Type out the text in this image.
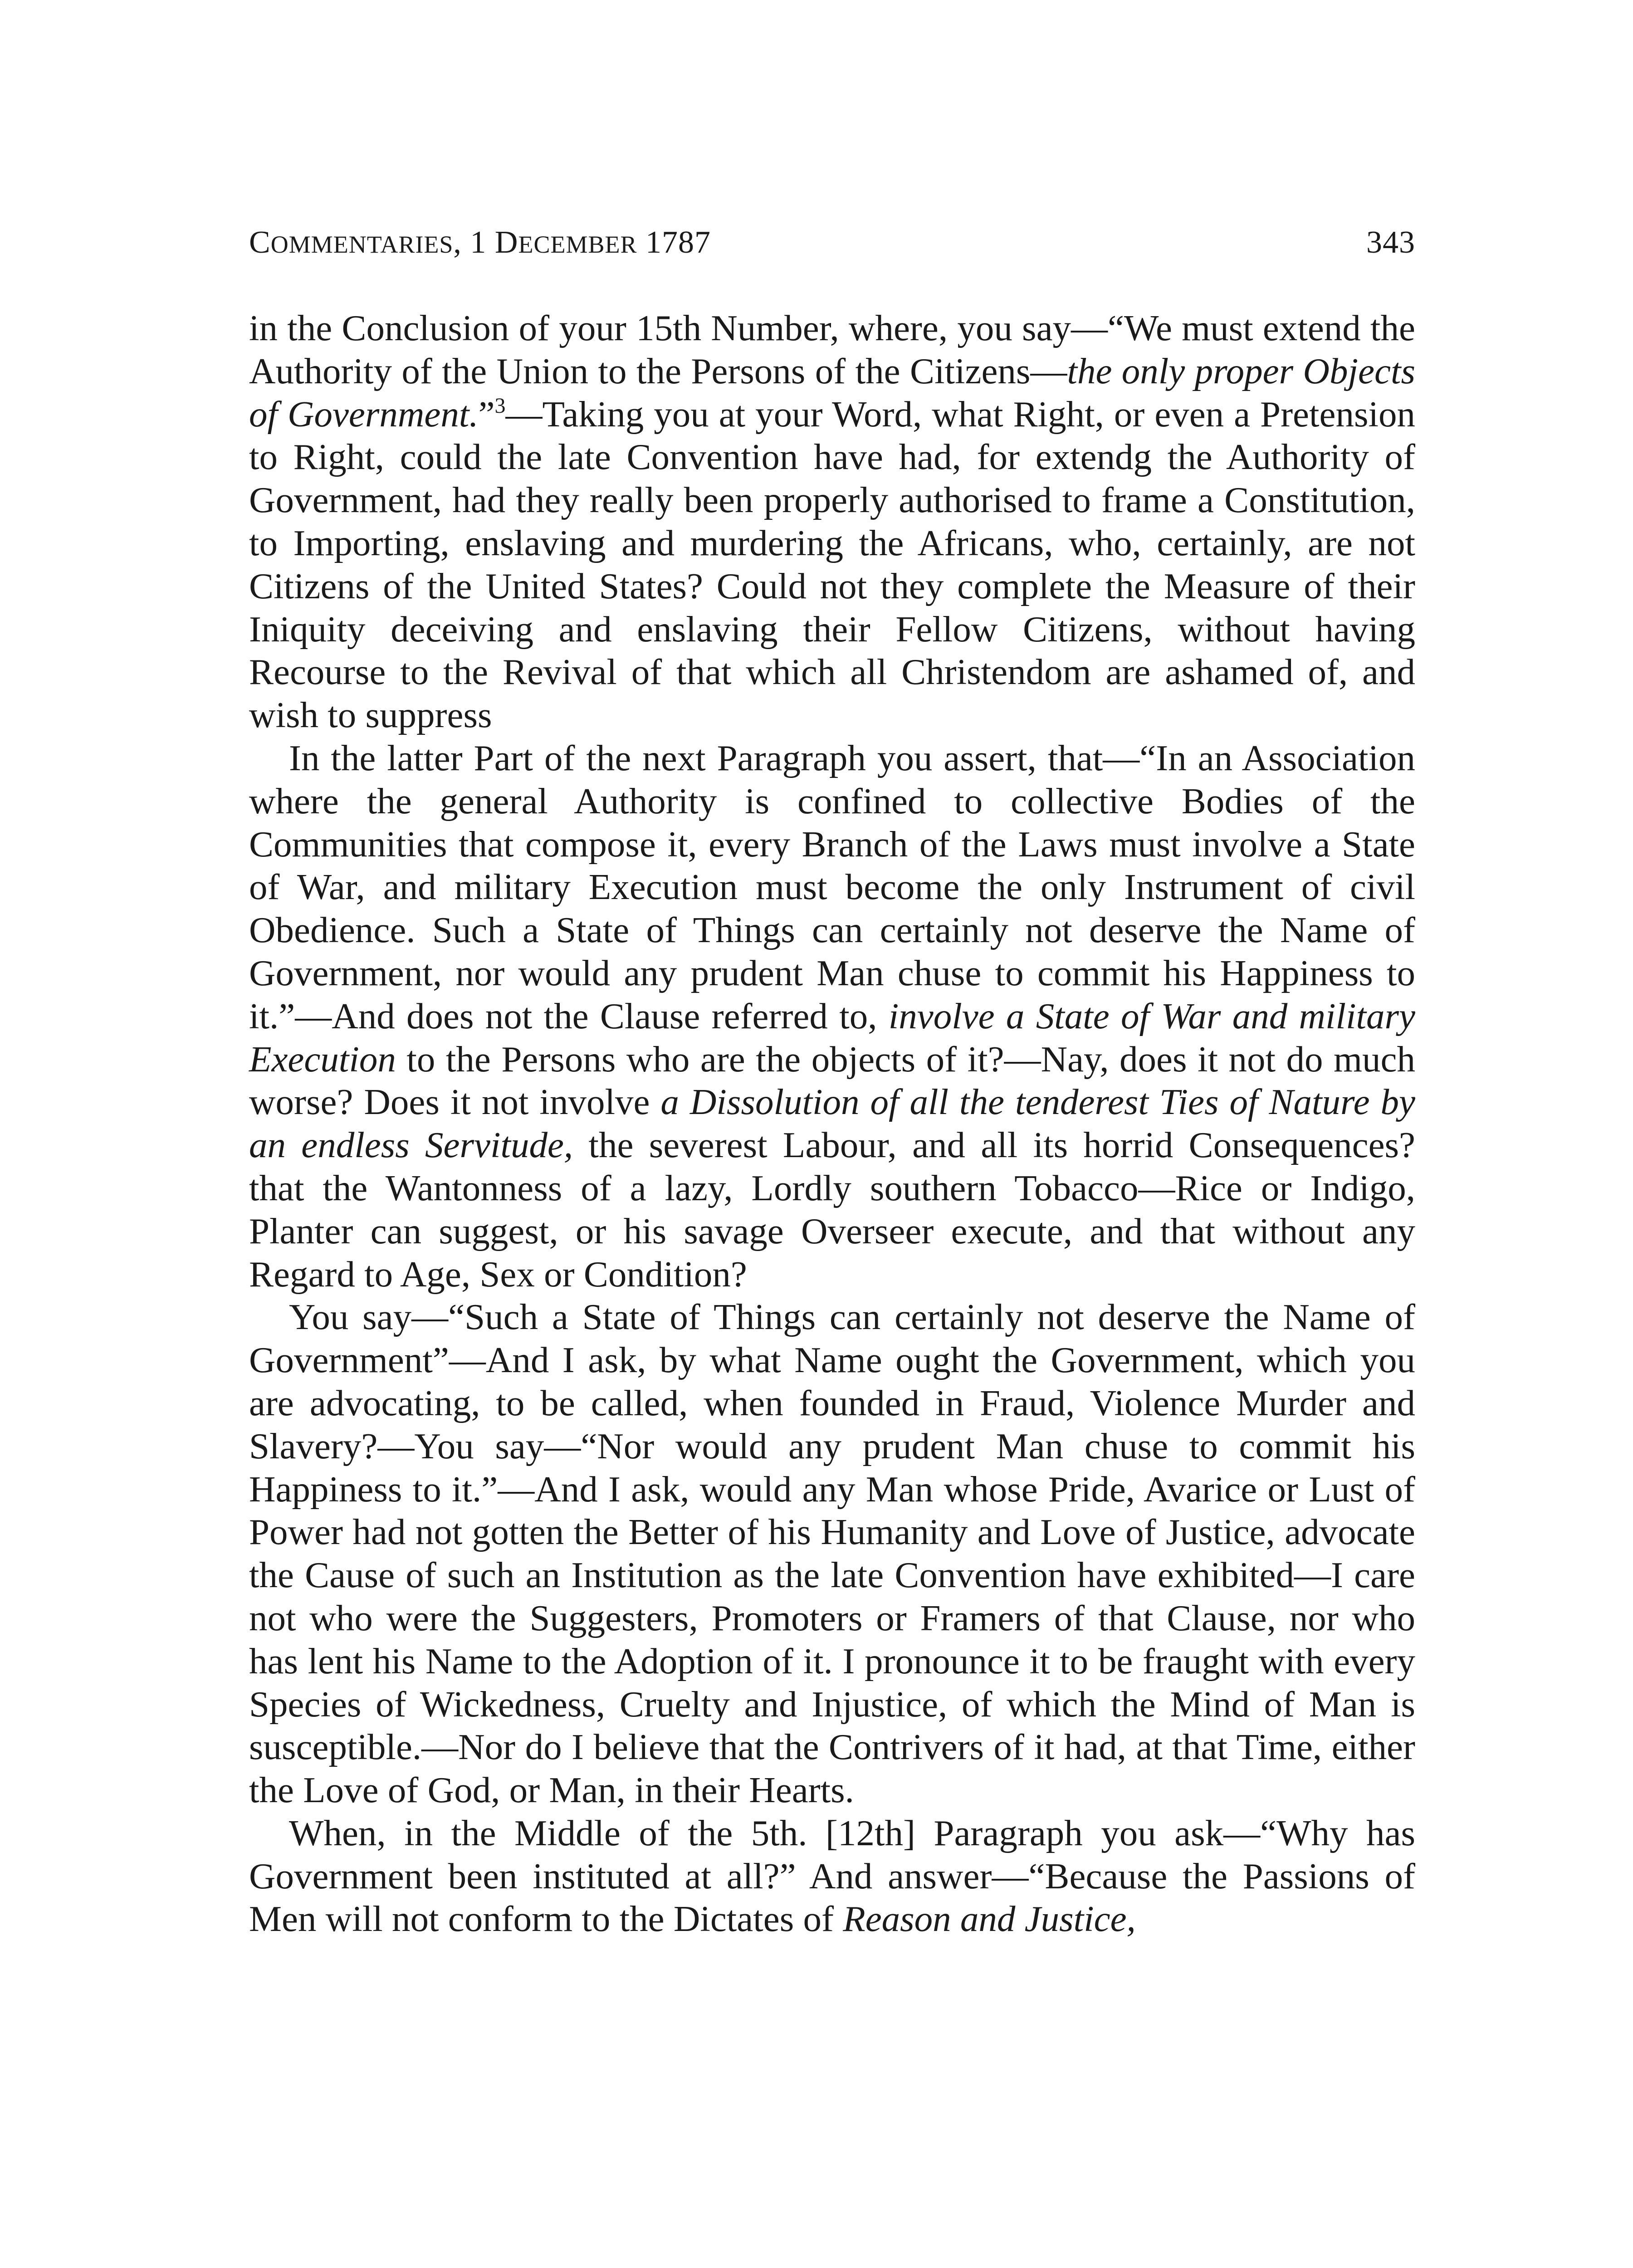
COMMENTARIES, 1 DECEMBER 1787	343

in the Conclusion of your 15th Number, where, you say—“We must extend the Authority of the Union to the Persons of the Citizens—the only proper Objects of Government.”$^3$—Taking you at your Word, what Right, or even a Pretension to Right, could the late Convention have had, for extendg the Authority of Government, had they really been properly authorised to frame a Constitution, to Importing, enslaving and murdering the Africans, who, certainly, are not Citizens of the United States? Could not they complete the Measure of their Iniquity deceiving and enslaving their Fellow Citizens, without having Recourse to the Revival of that which all Christendom are ashamed of, and wish to suppress

In the latter Part of the next Paragraph you assert, that—“In an Association where the general Authority is confined to collective Bodies of the Communities that compose it, every Branch of the Laws must involve a State of War, and military Execution must become the only Instrument of civil Obedience. Such a State of Things can certainly not deserve the Name of Government, nor would any prudent Man chuse to commit his Happiness to it.”—And does not the Clause referred to, involve a State of War and military Execution to the Persons who are the objects of it?—Nay, does it not do much worse? Does it not involve a Dissolution of all the tenderest Ties of Nature by an endless Servitude, the severest Labour, and all its horrid Consequences? that the Wantonness of a lazy, Lordly southern Tobacco—Rice or Indigo, Planter can suggest, or his savage Overseer execute, and that without any Regard to Age, Sex or Condition?

You say—“Such a State of Things can certainly not deserve the Name of Government”—And I ask, by what Name ought the Government, which you are advocating, to be called, when founded in Fraud, Violence Murder and Slavery?—You say—“Nor would any prudent Man chuse to commit his Happiness to it.”—And I ask, would any Man whose Pride, Avarice or Lust of Power had not gotten the Better of his Humanity and Love of Justice, advocate the Cause of such an Institution as the late Convention have exhibited—I care not who were the Suggesters, Promoters or Framers of that Clause, nor who has lent his Name to the Adoption of it. I pronounce it to be fraught with every Species of Wickedness, Cruelty and Injustice, of which the Mind of Man is susceptible.—Nor do I believe that the Contrivers of it had, at that Time, either the Love of God, or Man, in their Hearts.

When, in the Middle of the 5th. [12th] Paragraph you ask—“Why has Government been instituted at all?” And answer—“Because the Passions of Men will not conform to the Dictates of Reason and Justice,
